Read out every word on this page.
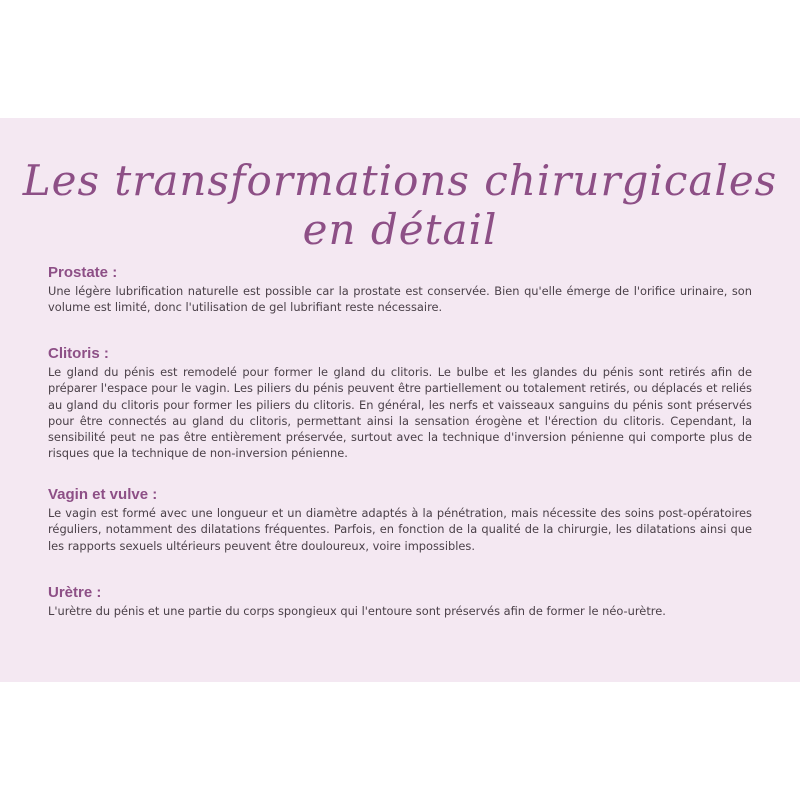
Les transformations chirurgicales en détail

Prostate :

Une légère lubrification naturelle est possible car la prostate est conservée. Bien qu'elle émerge de l'orifice urinaire, son volume est limité, donc l'utilisation de gel lubrifiant reste nécessaire.

Clitoris :

Le gland du pénis est remodelé pour former le gland du clitoris. Le bulbe et les glandes du pénis sont retirés afin de préparer l'espace pour le vagin. Les piliers du pénis peuvent être partiellement ou totalement retirés, ou déplacés et reliés au gland du clitoris pour former les piliers du clitoris. En général, les nerfs et vaisseaux sanguins du pénis sont préservés pour être connectés au gland du clitoris, permettant ainsi la sensation érogène et l'érection du clitoris. Cependant, la sensibilité peut ne pas être entièrement préservée, surtout avec la technique d'inversion pénienne qui comporte plus de risques que la technique de non-inversion pénienne.

Vagin et vulve :

Le vagin est formé avec une longueur et un diamètre adaptés à la pénétration, mais nécessite des soins post-opératoires réguliers, notamment des dilatations fréquentes. Parfois, en fonction de la qualité de la chirurgie, les dilatations ainsi que les rapports sexuels ultérieurs peuvent être douloureux, voire impossibles.

Urètre :

L'urètre du pénis et une partie du corps spongieux qui l'entoure sont préservés afin de former le néo-urètre.
